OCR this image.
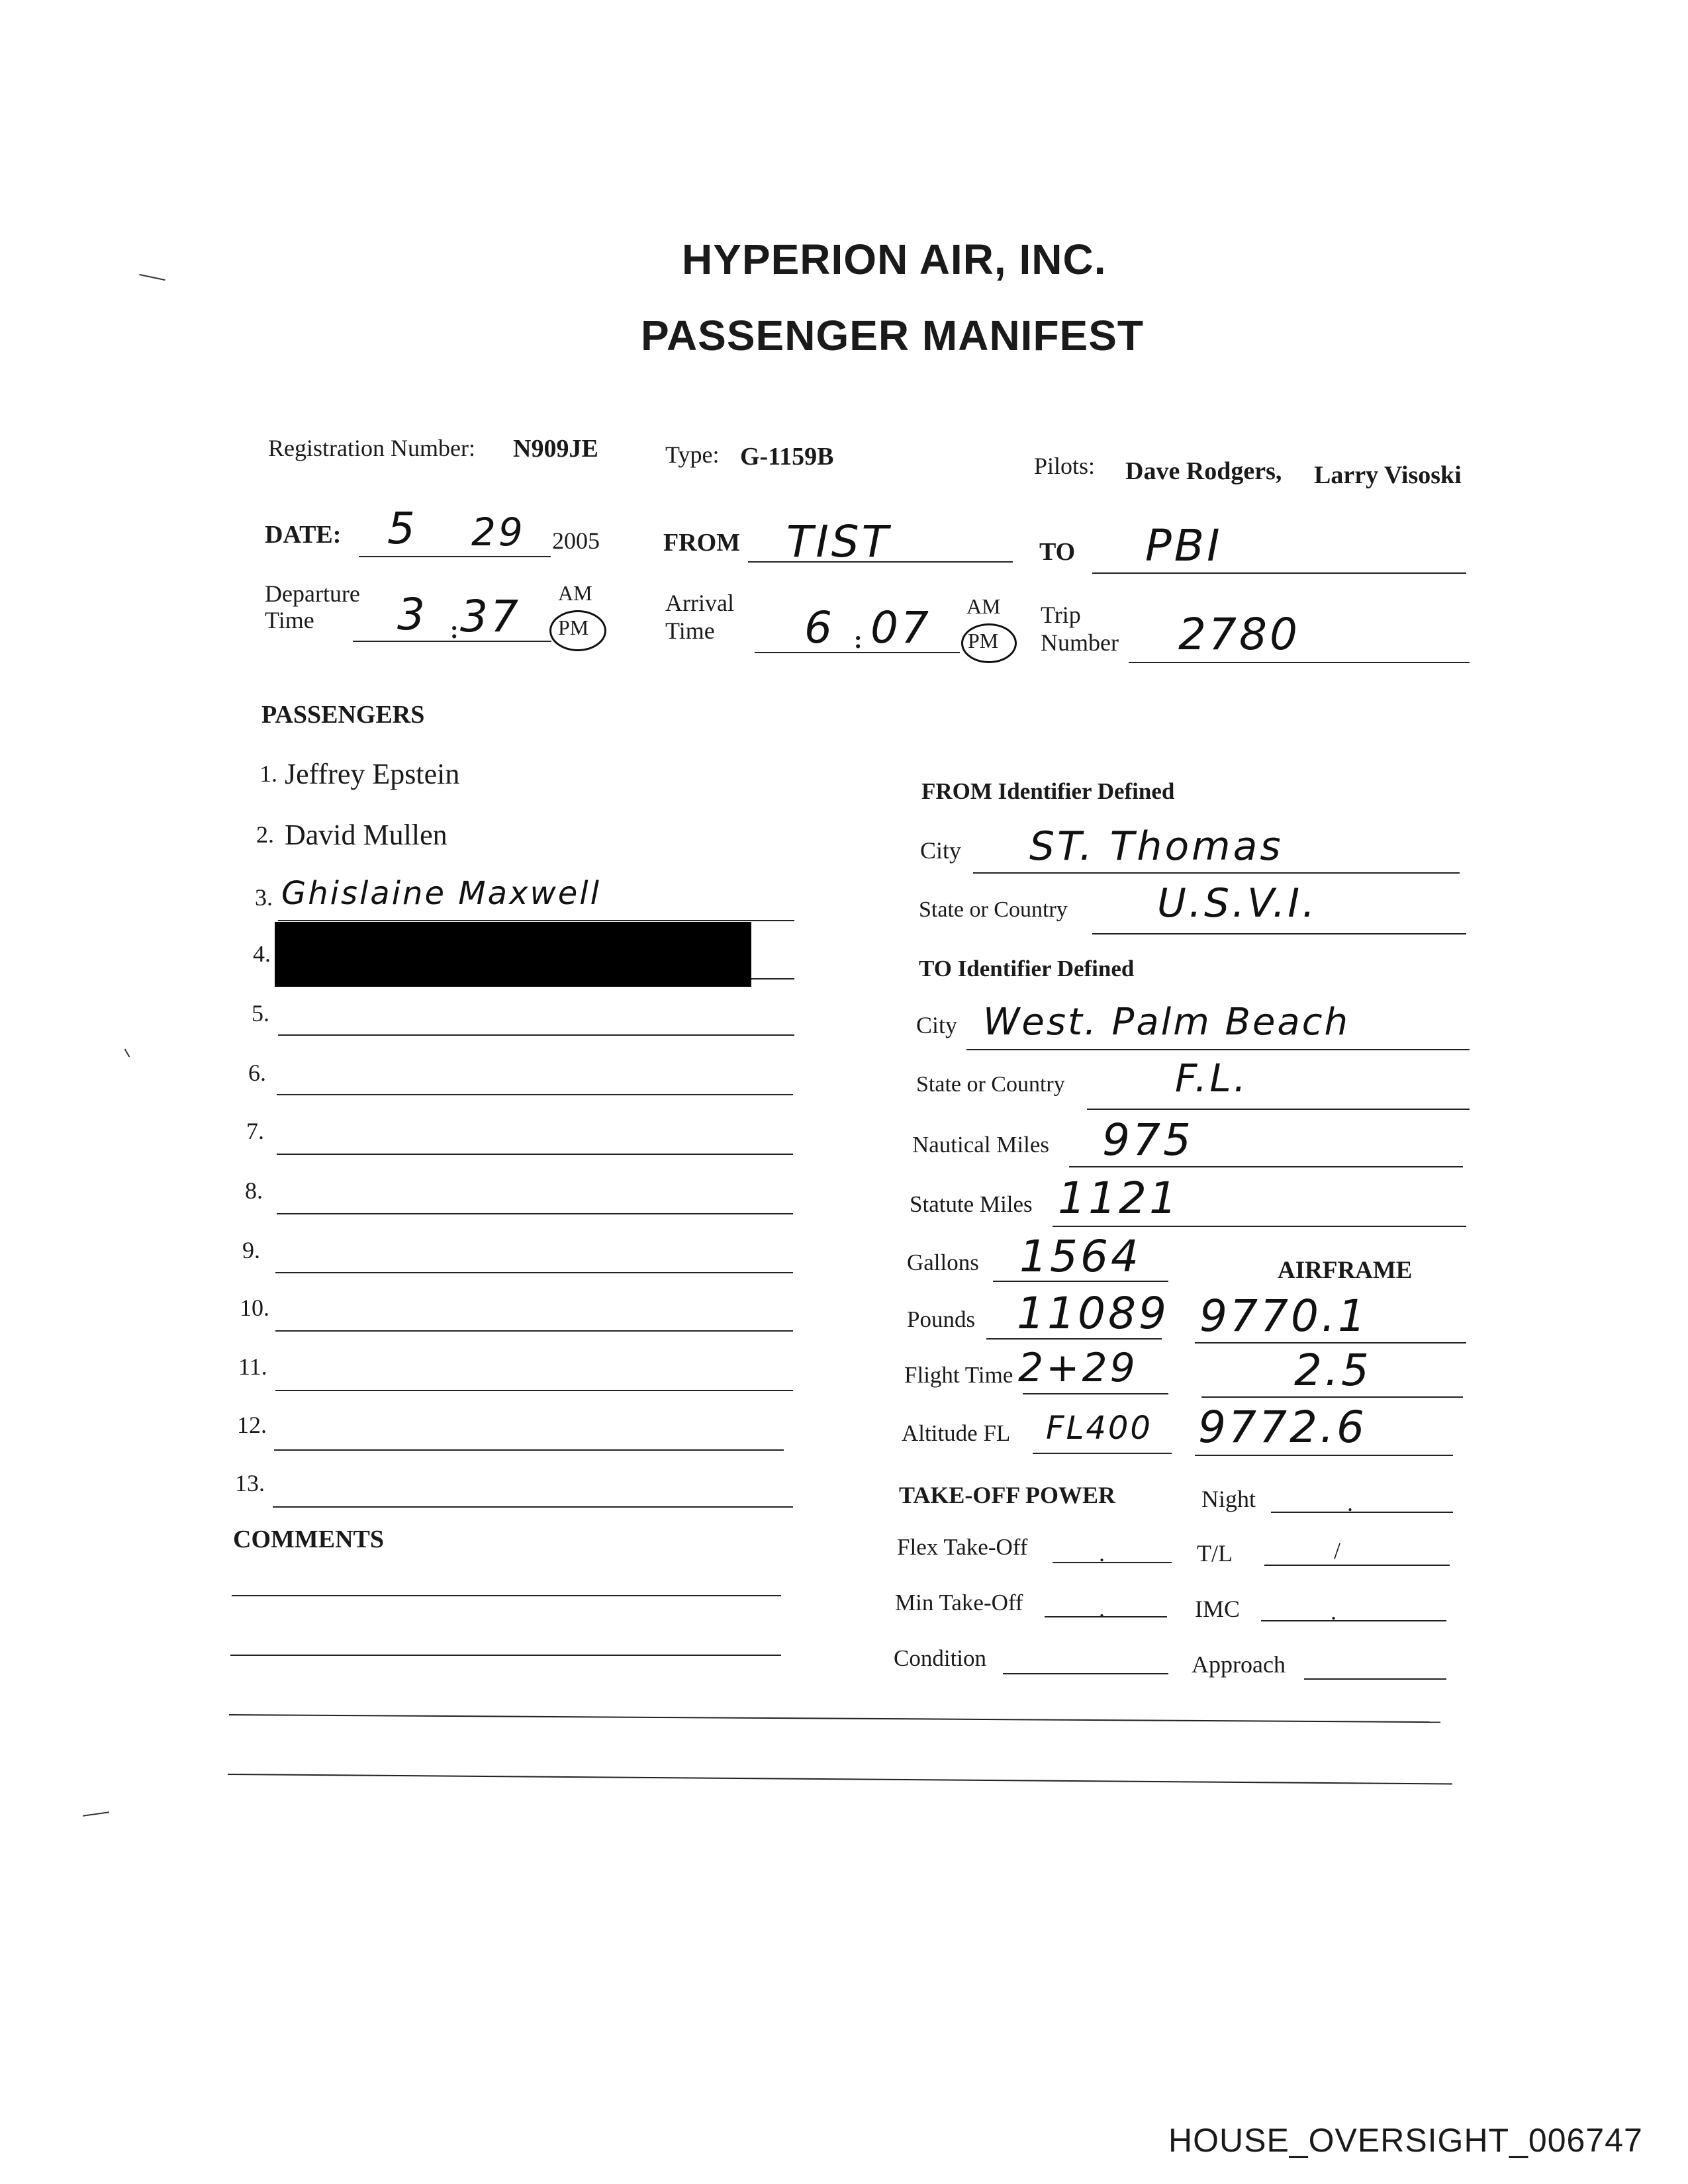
HYPERION AIR, INC.
PASSENGER MANIFEST
Registration Number: N909JE	Type: G-1159B	Pilots: Dave Rodgers, Larry Visoski
DATE: 5 29 2005	FROM TIST	TO PBI
Departure
Time 3 : 37 AM
PM
Arrival
Time 6 : 07 AM
PM
Trip
Number 2780
PASSENGERS
1. Jeffrey Epstein
2. David Mullen
3. Ghislaine Maxwell
4.
5.
6.
7.
8.
9.
10.
11.
12.
13.
COMMENTS
FROM Identifier Defined
City ST. Thomas
State or Country U.S.V.I.
TO Identifier Defined
City West. Palm Beach
State or Country	F.L.
Nautical Miles 975
Statute Miles 1121
Gallons 1564	AIRFRAME
Pounds 11089 9770.1
Flight Time 2+29	2.5
Altitude FL FL400 9772.6
TAKE-OFF POWER	Night	.
Flex Take-Off	.	T/L	/
Min Take-Off	.	IMC	.
Condition	Approach
HOUSE_OVERSIGHT_006747
